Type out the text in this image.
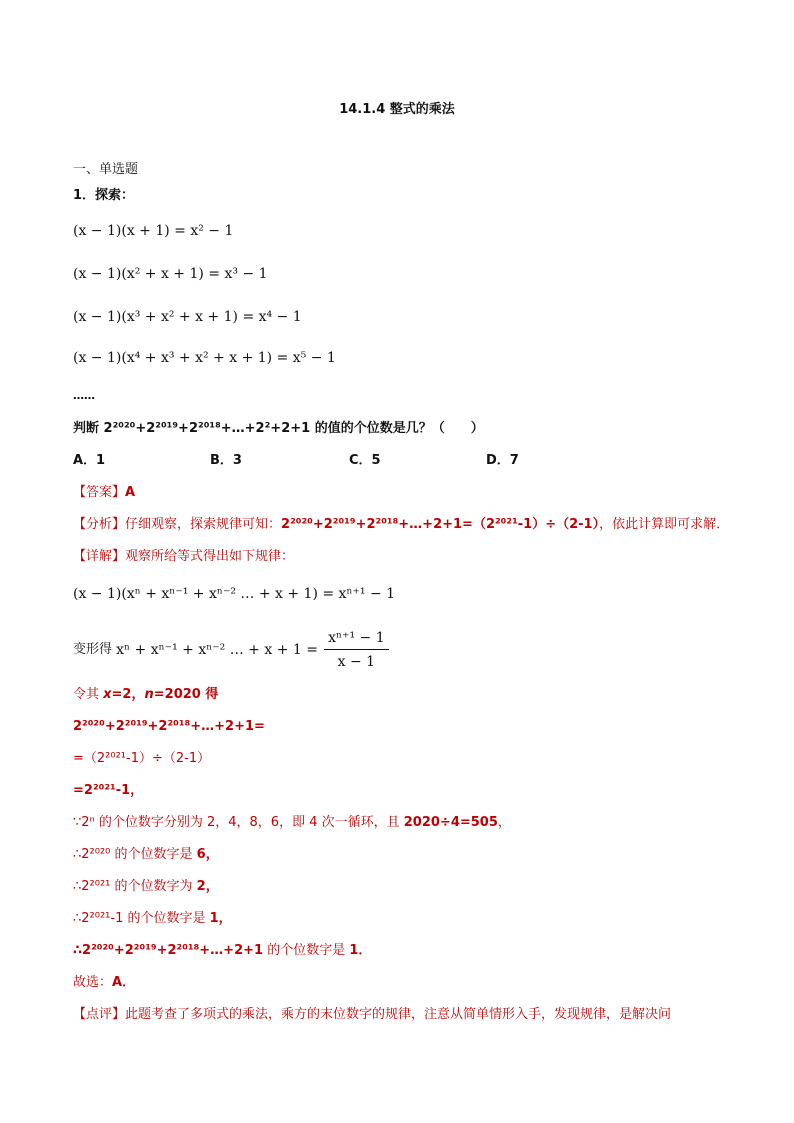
14.1.4 整式的乘法
一、单选题
1．探索：
(x − 1)(x + 1) = x² − 1
(x − 1)(x² + x + 1) = x³ − 1
(x − 1)(x³ + x² + x + 1) = x⁴ − 1
(x − 1)(x⁴ + x³ + x² + x + 1) = x⁵ − 1
……
判断 2²⁰²⁰+2²⁰¹⁹+2²⁰¹⁸+…+2²+2+1 的值的个位数是几？（　　）
A．1	B．3	C．5	D．7
【答案】A
【分析】仔细观察，探索规律可知：2²⁰²⁰+2²⁰¹⁹+2²⁰¹⁸+…+2+1=（2²⁰²¹-1）÷（2-1），依此计算即可求解．
【详解】观察所给等式得出如下规律：
(x − 1)(xⁿ + xⁿ⁻¹ + xⁿ⁻² … + x + 1) = xⁿ⁺¹ − 1
变形得 xⁿ + xⁿ⁻¹ + xⁿ⁻² … + $x + 1 = \frac{\text{xⁿ⁺¹ − 1}}{x - 1}$
令其 x=2，n=2020 得
2²⁰²⁰+2²⁰¹⁹+2²⁰¹⁸+…+2+1=
=（2²⁰²¹-1）÷（2-1）
=2²⁰²¹-1，
∵2ⁿ 的个位数字分别为 2，4，8，6，即 4 次一循环，且 2020÷4=505，
∴2²⁰²⁰ 的个位数字是 6，
∴2²⁰²¹ 的个位数字为 2，
∴2²⁰²¹-1 的个位数字是 1，
∴2²⁰²⁰+2²⁰¹⁹+2²⁰¹⁸+…+2+1 的个位数字是 1．
故选：A．
【点评】此题考查了多项式的乘法，乘方的末位数字的规律，注意从简单情形入手，发现规律，是解决问
